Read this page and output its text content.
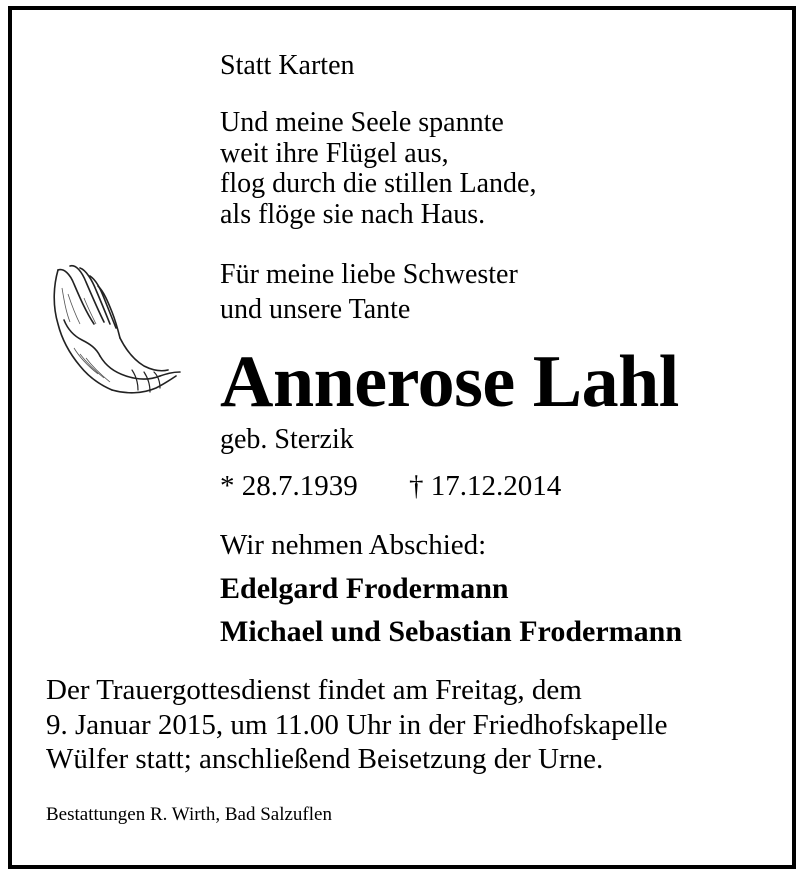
Statt Karten
Und meine Seele spannte
weit ihre Flügel aus,
flog durch die stillen Lande,
als flöge sie nach Haus.
Für meine liebe Schwester
und unsere Tante
Annerose Lahl
geb. Sterzik
* 28.7.1939 † 17.12.2014
Wir nehmen Abschied:
Edelgard Frodermann
Michael und Sebastian Frodermann
Der Trauergottesdienst findet am Freitag, dem
9. Januar 2015, um 11.00 Uhr in der Friedhofskapelle
Wülfer statt; anschließend Beisetzung der Urne.
Bestattungen R. Wirth, Bad Salzuflen
